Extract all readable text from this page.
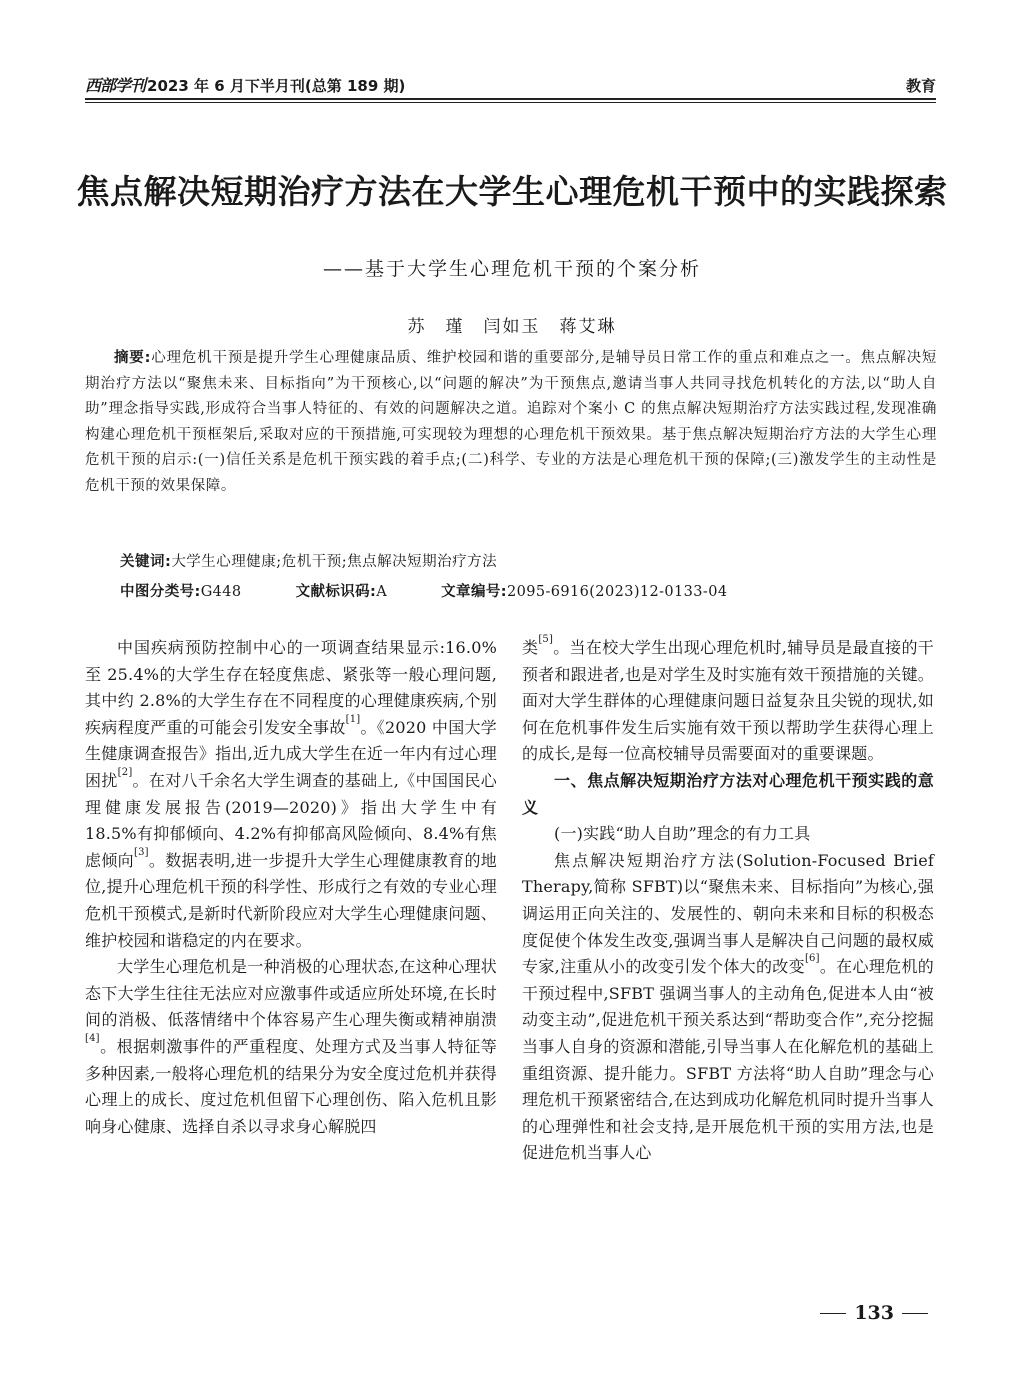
西部学刊 2023 年 6 月下半月刊(总第 189 期)	教育
焦点解决短期治疗方法在大学生心理危机干预中的实践探索
——基于大学生心理危机干预的个案分析
苏　瑾　闫如玉　蒋艾琳
摘要:心理危机干预是提升学生心理健康品质、维护校园和谐的重要部分,是辅导员日常工作的重点和难点之一。焦点解决短期治疗方法以“聚焦未来、目标指向”为干预核心,以“问题的解决”为干预焦点,邀请当事人共同寻找危机转化的方法,以“助人自助”理念指导实践,形成符合当事人特征的、有效的问题解决之道。追踪对个案小 C 的焦点解决短期治疗方法实践过程,发现准确构建心理危机干预框架后,采取对应的干预措施,可实现较为理想的心理危机干预效果。基于焦点解决短期治疗方法的大学生心理危机干预的启示:(一)信任关系是危机干预实践的着手点;(二)科学、专业的方法是心理危机干预的保障;(三)激发学生的主动性是危机干预的效果保障。
关键词:大学生心理健康;危机干预;焦点解决短期治疗方法
中图分类号:G448	文献标识码:A	文章编号:2095-6916(2023)12-0133-04

中国疾病预防控制中心的一项调查结果显示:16.0%至 25.4%的大学生存在轻度焦虑、紧张等一般心理问题,其中约 2.8%的大学生存在不同程度的心理健康疾病,个别疾病程度严重的可能会引发安全事故[1]。《2020 中国大学生健康调查报告》指出,近九成大学生在近一年内有过心理困扰[2]。在对八千余名大学生调查的基础上,《中国国民心理健康发展报告(2019—2020)》指出大学生中有 18.5%有抑郁倾向、4.2%有抑郁高风险倾向、8.4%有焦虑倾向[3]。数据表明,进一步提升大学生心理健康教育的地位,提升心理危机干预的科学性、形成行之有效的专业心理危机干预模式,是新时代新阶段应对大学生心理健康问题、维护校园和谐稳定的内在要求。

大学生心理危机是一种消极的心理状态,在这种心理状态下大学生往往无法应对应激事件或适应所处环境,在长时间的消极、低落情绪中个体容易产生心理失衡或精神崩溃[4]。根据刺激事件的严重程度、处理方式及当事人特征等多种因素,一般将心理危机的结果分为安全度过危机并获得心理上的成长、度过危机但留下心理创伤、陷入危机且影响身心健康、选择自杀以寻求身心解脱四

类[5]。当在校大学生出现心理危机时,辅导员是最直接的干预者和跟进者,也是对学生及时实施有效干预措施的关键。面对大学生群体的心理健康问题日益复杂且尖锐的现状,如何在危机事件发生后实施有效干预以帮助学生获得心理上的成长,是每一位高校辅导员需要面对的重要课题。

一、焦点解决短期治疗方法对心理危机干预实践的意义

(一)实践“助人自助”理念的有力工具

焦点解决短期治疗方法(Solution-Focused Brief Therapy,简称 SFBT)以“聚焦未来、目标指向”为核心,强调运用正向关注的、发展性的、朝向未来和目标的积极态度促使个体发生改变,强调当事人是解决自己问题的最权威专家,注重从小的改变引发个体大的改变[6]。在心理危机的干预过程中,SFBT 强调当事人的主动角色,促进本人由“被动变主动”,促进危机干预关系达到“帮助变合作”,充分挖掘当事人自身的资源和潜能,引导当事人在化解危机的基础上重组资源、提升能力。SFBT 方法将“助人自助”理念与心理危机干预紧密结合,在达到成功化解危机同时提升当事人的心理弹性和社会支持,是开展危机干预的实用方法,也是促进危机当事人心

133
